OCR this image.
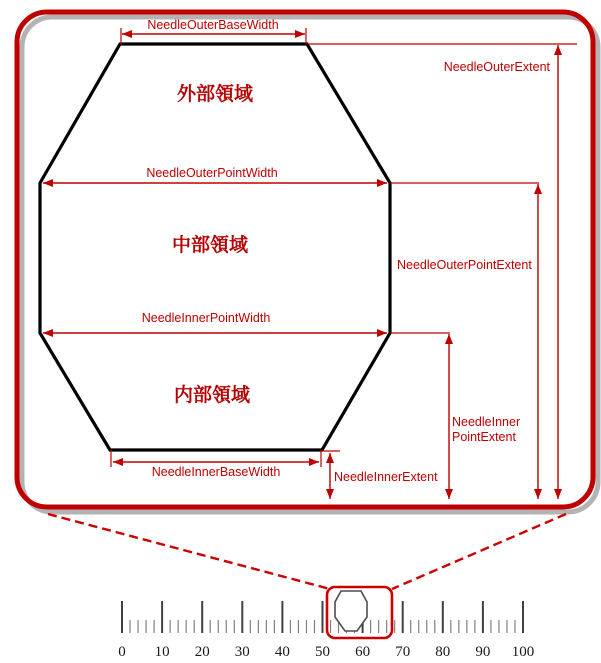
NeedleOuterBaseWidth
NeedleOuterExtent
NeedleOuterPointWidth
NeedleOuterPointExtent
NeedleInnerPointWidth
NeedleInner
PointExtent
NeedleInnerBaseWidth	NeedleInnerExtent
外部領域
中部領域
内部領域
0 10 20 30 40 50 60 70 80 90 100
